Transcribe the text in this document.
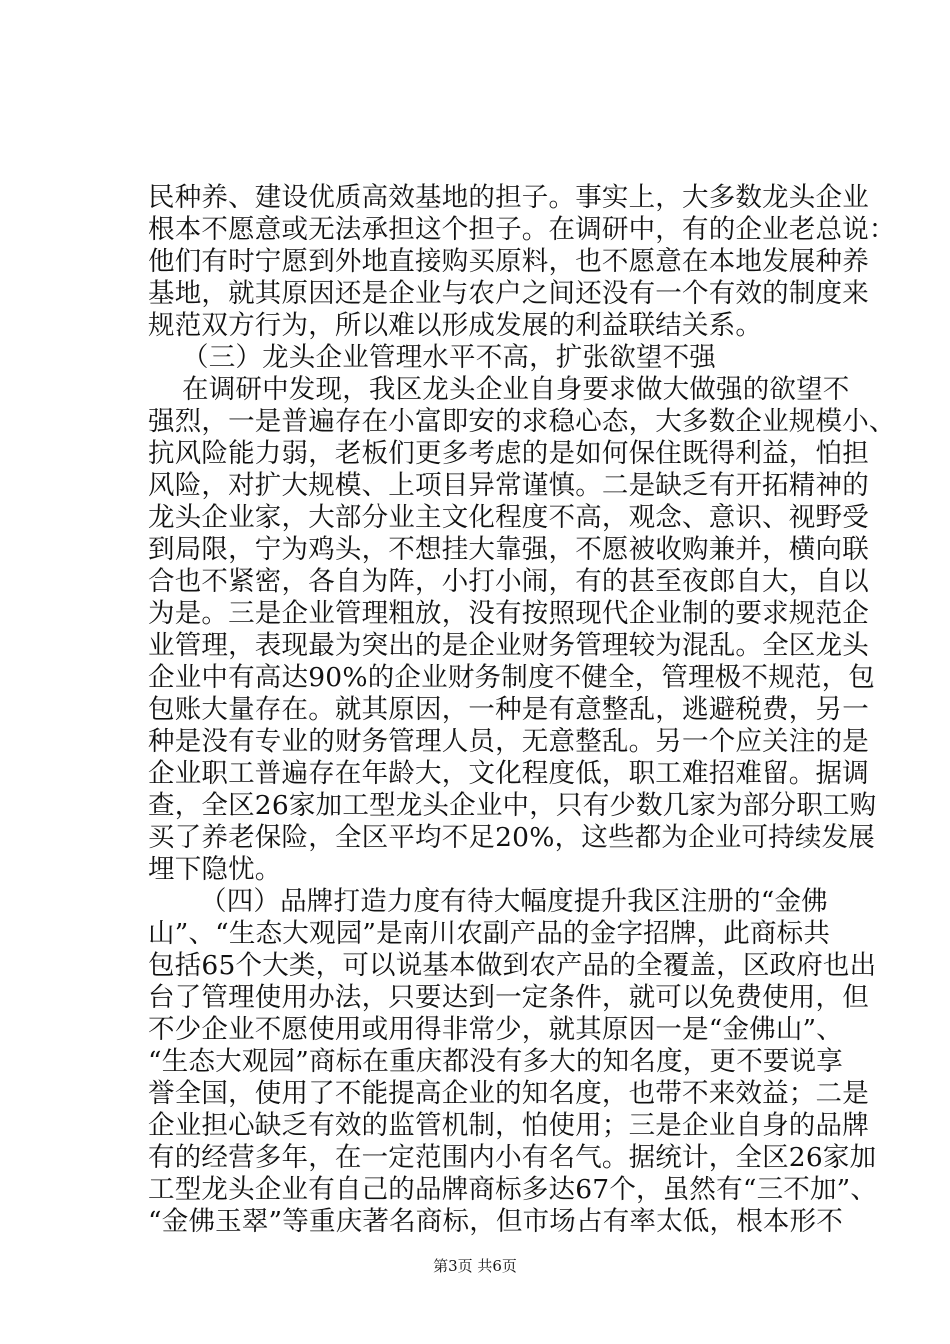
民种养、建设优质高效基地的担子。事实上，大多数龙头企业
根本不愿意或无法承担这个担子。在调研中，有的企业老总说：
他们有时宁愿到外地直接购买原料，也不愿意在本地发展种养
基地，就其原因还是企业与农户之间还没有一个有效的制度来
规范双方行为，所以难以形成发展的利益联结关系。
（三）龙头企业管理水平不高，扩张欲望不强
在调研中发现，我区龙头企业自身要求做大做强的欲望不
强烈，一是普遍存在小富即安的求稳心态，大多数企业规模小、
抗风险能力弱，老板们更多考虑的是如何保住既得利益，怕担
风险，对扩大规模、上项目异常谨慎。二是缺乏有开拓精神的
龙头企业家，大部分业主文化程度不高，观念、意识、视野受
到局限，宁为鸡头，不想挂大靠强，不愿被收购兼并，横向联
合也不紧密，各自为阵，小打小闹，有的甚至夜郎自大，自以
为是。三是企业管理粗放，没有按照现代企业制的要求规范企
业管理，表现最为突出的是企业财务管理较为混乱。全区龙头
企业中有高达90%的企业财务制度不健全，管理极不规范，包
包账大量存在。就其原因，一种是有意整乱，逃避税费，另一
种是没有专业的财务管理人员，无意整乱。另一个应关注的是
企业职工普遍存在年龄大，文化程度低，职工难招难留。据调
查，全区26家加工型龙头企业中，只有少数几家为部分职工购
买了养老保险，全区平均不足20%，这些都为企业可持续发展
埋下隐忧。
（四）品牌打造力度有待大幅度提升我区注册的“金佛
山”、“生态大观园”是南川农副产品的金字招牌，此商标共
包括65个大类，可以说基本做到农产品的全覆盖，区政府也出
台了管理使用办法，只要达到一定条件，就可以免费使用，但
不少企业不愿使用或用得非常少，就其原因一是“金佛山”、
“生态大观园”商标在重庆都没有多大的知名度，更不要说享
誉全国，使用了不能提高企业的知名度，也带不来效益；二是
企业担心缺乏有效的监管机制，怕使用；三是企业自身的品牌
有的经营多年，在一定范围内小有名气。据统计，全区26家加
工型龙头企业有自己的品牌商标多达67个，虽然有“三不加”、
“金佛玉翠”等重庆著名商标，但市场占有率太低，根本形不
第3页 共6页
